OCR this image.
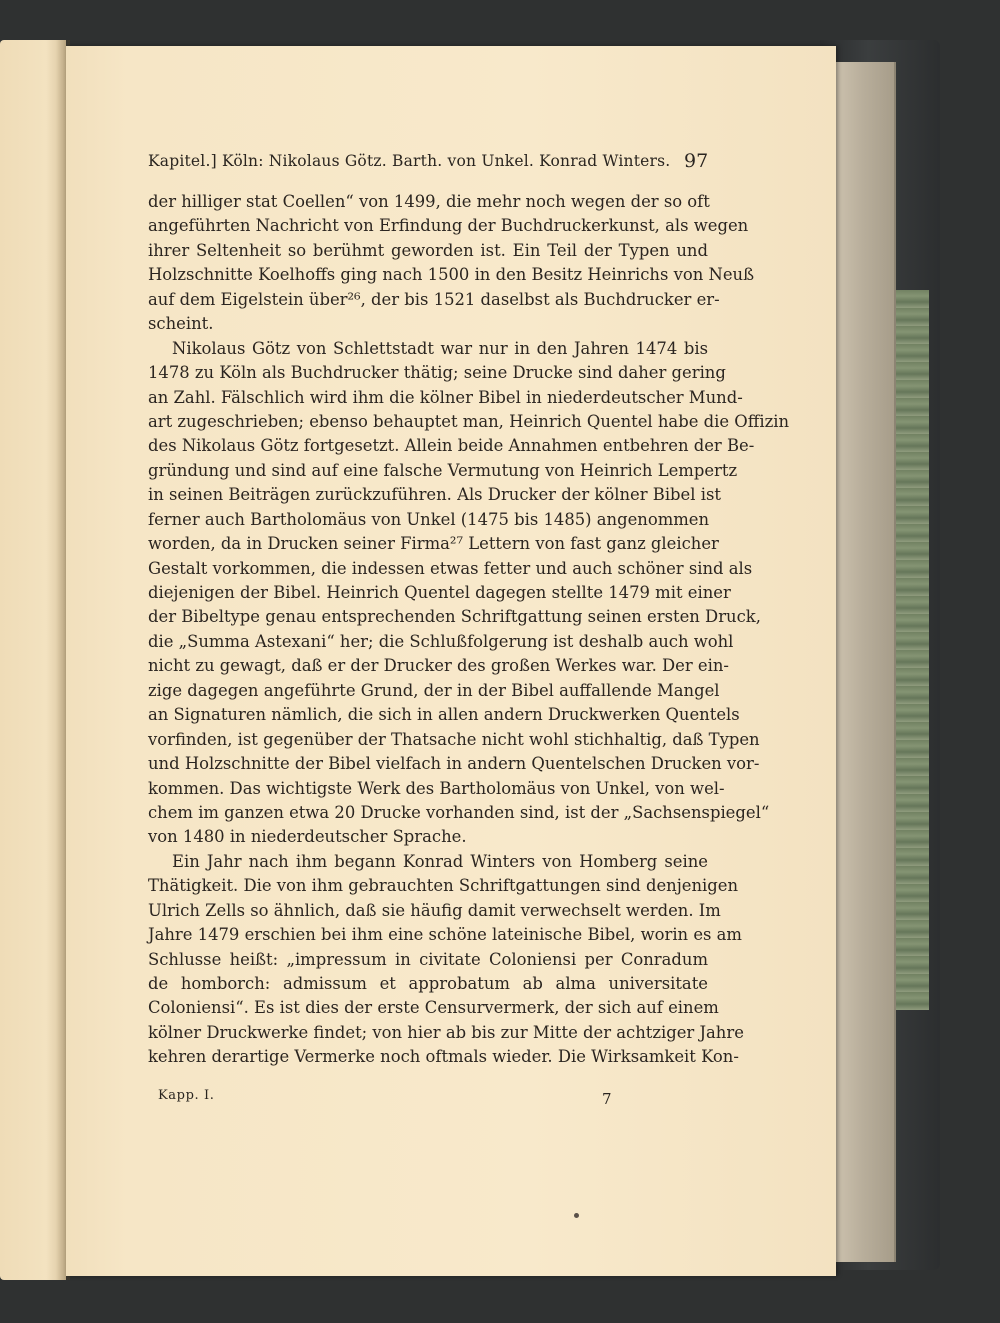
Kapitel.] Köln: Nikolaus Götz. Barth. von Unkel. Konrad Winters. 97
der hilliger stat Coellen“ von 1499, die mehr noch wegen der so oft
angeführten Nachricht von Erfindung der Buchdruckerkunst, als wegen
ihrer Seltenheit so berühmt geworden ist. Ein Teil der Typen und
Holzschnitte Koelhoffs ging nach 1500 in den Besitz Heinrichs von Neuß
auf dem Eigelstein über²⁶, der bis 1521 daselbst als Buchdrucker er-
scheint.
Nikolaus Götz von Schlettstadt war nur in den Jahren 1474 bis
1478 zu Köln als Buchdrucker thätig; seine Drucke sind daher gering
an Zahl. Fälschlich wird ihm die kölner Bibel in niederdeutscher Mund-
art zugeschrieben; ebenso behauptet man, Heinrich Quentel habe die Offizin
des Nikolaus Götz fortgesetzt. Allein beide Annahmen entbehren der Be-
gründung und sind auf eine falsche Vermutung von Heinrich Lempertz
in seinen Beiträgen zurückzuführen. Als Drucker der kölner Bibel ist
ferner auch Bartholomäus von Unkel (1475 bis 1485) angenommen
worden, da in Drucken seiner Firma²⁷ Lettern von fast ganz gleicher
Gestalt vorkommen, die indessen etwas fetter und auch schöner sind als
diejenigen der Bibel. Heinrich Quentel dagegen stellte 1479 mit einer
der Bibeltype genau entsprechenden Schriftgattung seinen ersten Druck,
die „Summa Astexani“ her; die Schlußfolgerung ist deshalb auch wohl
nicht zu gewagt, daß er der Drucker des großen Werkes war. Der ein-
zige dagegen angeführte Grund, der in der Bibel auffallende Mangel
an Signaturen nämlich, die sich in allen andern Druckwerken Quentels
vorfinden, ist gegenüber der Thatsache nicht wohl stichhaltig, daß Typen
und Holzschnitte der Bibel vielfach in andern Quentelschen Drucken vor-
kommen. Das wichtigste Werk des Bartholomäus von Unkel, von wel-
chem im ganzen etwa 20 Drucke vorhanden sind, ist der „Sachsenspiegel“
von 1480 in niederdeutscher Sprache.
Ein Jahr nach ihm begann Konrad Winters von Homberg seine
Thätigkeit. Die von ihm gebrauchten Schriftgattungen sind denjenigen
Ulrich Zells so ähnlich, daß sie häufig damit verwechselt werden. Im
Jahre 1479 erschien bei ihm eine schöne lateinische Bibel, worin es am
Schlusse heißt: „impressum in civitate Coloniensi per Conradum
de homborch: admissum et approbatum ab alma universitate
Coloniensi“. Es ist dies der erste Censurvermerk, der sich auf einem
kölner Druckwerke findet; von hier ab bis zur Mitte der achtziger Jahre
kehren derartige Vermerke noch oftmals wieder. Die Wirksamkeit Kon-
Kapp. I.	7
